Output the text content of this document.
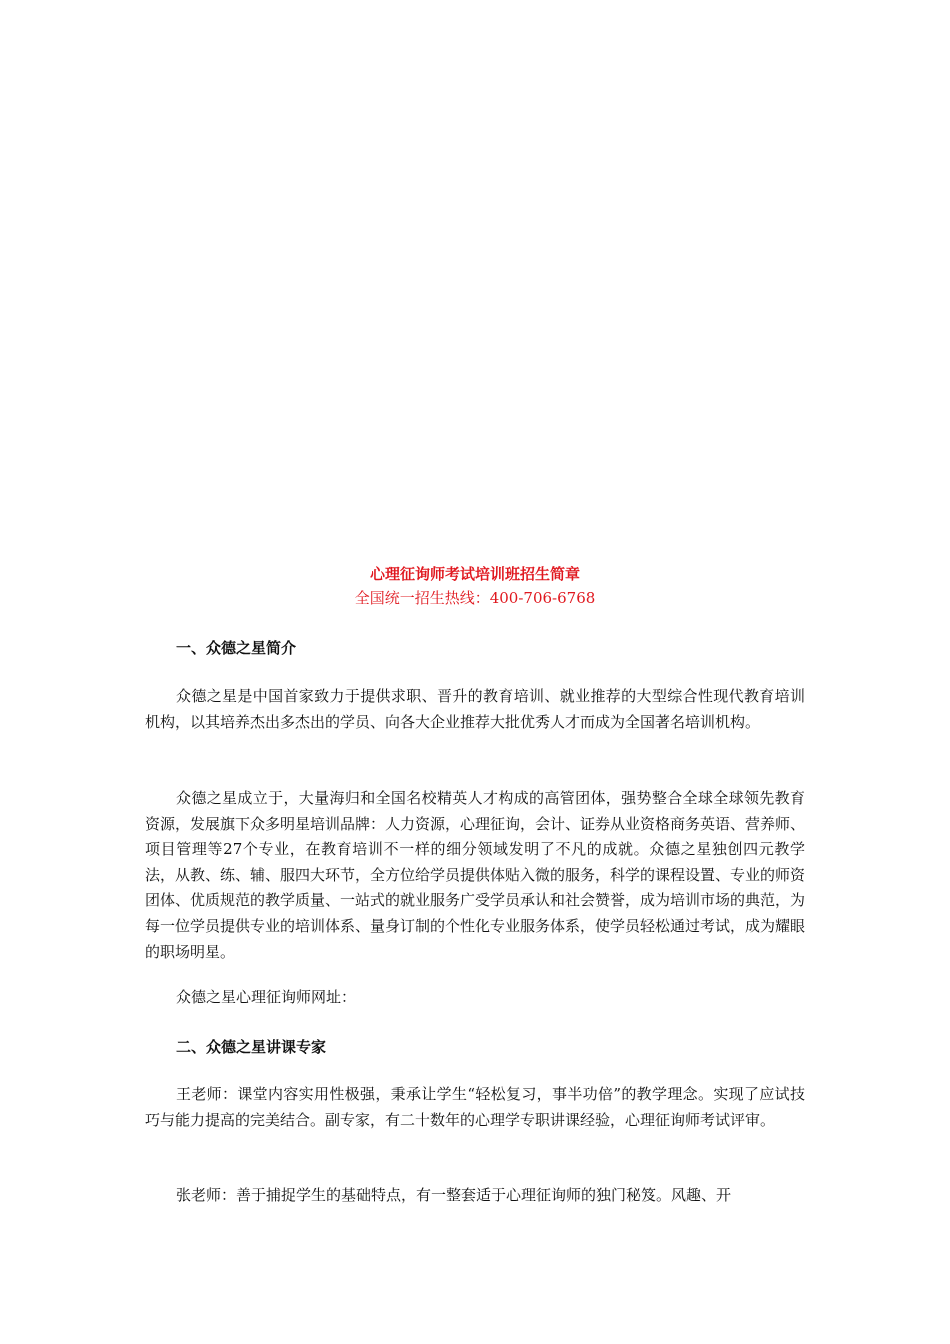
心理征询师考试培训班招生简章
全国统一招生热线：400-706-6768
一、众德之星简介

众德之星是中国首家致力于提供求职、晋升的教育培训、就业推荐的大型综合性现代教育培训机构，以其培养杰出多杰出的学员、向各大企业推荐大批优秀人才而成为全国著名培训机构。

众德之星成立于，大量海归和全国名校精英人才构成的高管团体，强势整合全球全球领先教育资源，发展旗下众多明星培训品牌：人力资源，心理征询，会计、证券从业资格商务英语、营养师、项目管理等27个专业，在教育培训不一样的细分领域发明了不凡的成就。众德之星独创四元教学法，从教、练、辅、服四大环节，全方位给学员提供体贴入微的服务，科学的课程设置、专业的师资团体、优质规范的教学质量、一站式的就业服务广受学员承认和社会赞誉，成为培训市场的典范，为每一位学员提供专业的培训体系、量身订制的个性化专业服务体系，使学员轻松通过考试，成为耀眼的职场明星。

众德之星心理征询师网址：

二、众德之星讲课专家

王老师：课堂内容实用性极强，秉承让学生“轻松复习，事半功倍”的教学理念。实现了应试技巧与能力提高的完美结合。副专家，有二十数年的心理学专职讲课经验，心理征询师考试评审。

张老师：善于捕捉学生的基础特点，有一整套适于心理征询师的独门秘笈。风趣、开
